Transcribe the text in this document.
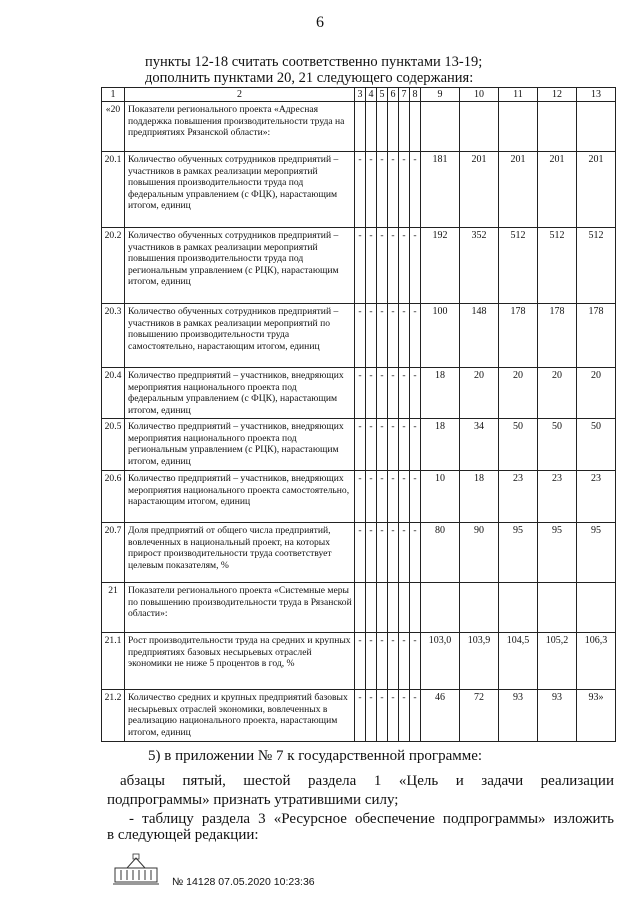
6
пункты 12-18 считать соответственно пунктами 13-19;
дополнить пунктами 20, 21 следующего содержания:
1	2	3	4	5	6	7	8	9	10	11	12	13
«20	Показатели регионального проекта «Адресная поддержка повышения производительности труда на предприятиях Рязанской области»:											
20.1	Количество обученных сотрудников предприятий – участников в рамках реализации мероприятий повышения производительности труда под федеральным управлением (с ФЦК), нарастающим итогом, единиц	-	-	-	-	-	-	181	201	201	201	201
20.2	Количество обученных сотрудников предприятий – участников в рамках реализации мероприятий повышения производительности труда под региональным управлением (с РЦК), нарастающим итогом, единиц	-	-	-	-	-	-	192	352	512	512	512
20.3	Количество обученных сотрудников предприятий – участников в рамках реализации мероприятий по повышению производительности труда самостоятельно, нарастающим итогом, единиц	-	-	-	-	-	-	100	148	178	178	178
20.4	Количество предприятий – участников, внедряющих мероприятия национального проекта под федеральным управлением (с ФЦК), нарастающим итогом, единиц	-	-	-	-	-	-	18	20	20	20	20
20.5	Количество предприятий – участников, внедряющих мероприятия национального проекта под региональным управлением (с РЦК), нарастающим итогом, единиц	-	-	-	-	-	-	18	34	50	50	50
20.6	Количество предприятий – участников, внедряющих мероприятия национального проекта самостоятельно, нарастающим итогом, единиц	-	-	-	-	-	-	10	18	23	23	23
20.7	Доля предприятий от общего числа предприятий, вовлеченных в национальный проект, на которых прирост производительности труда соответствует целевым показателям, %	-	-	-	-	-	-	80	90	95	95	95
21	Показатели регионального проекта «Системные меры по повышению производительности труда в Рязанской области»:											
21.1	Рост производительности труда на средних и крупных предприятиях базовых несырьевых отраслей экономики не ниже 5 процентов в год, %	-	-	-	-	-	-	103,0	103,9	104,5	105,2	106,3
21.2	Количество средних и крупных предприятий базовых несырьевых отраслей экономики, вовлеченных в реализацию национального проекта, нарастающим итогом, единиц	-	-	-	-	-	-	46	72	93	93	93»
5) в приложении № 7 к государственной программе:
абзацы пятый, шестой раздела 1 «Цель и задачи реализации
подпрограммы» признать утратившими силу;
- таблицу раздела 3 «Ресурсное обеспечение подпрограммы» изложить
в следующей редакции:
№ 14128 07.05.2020 10:23:36
